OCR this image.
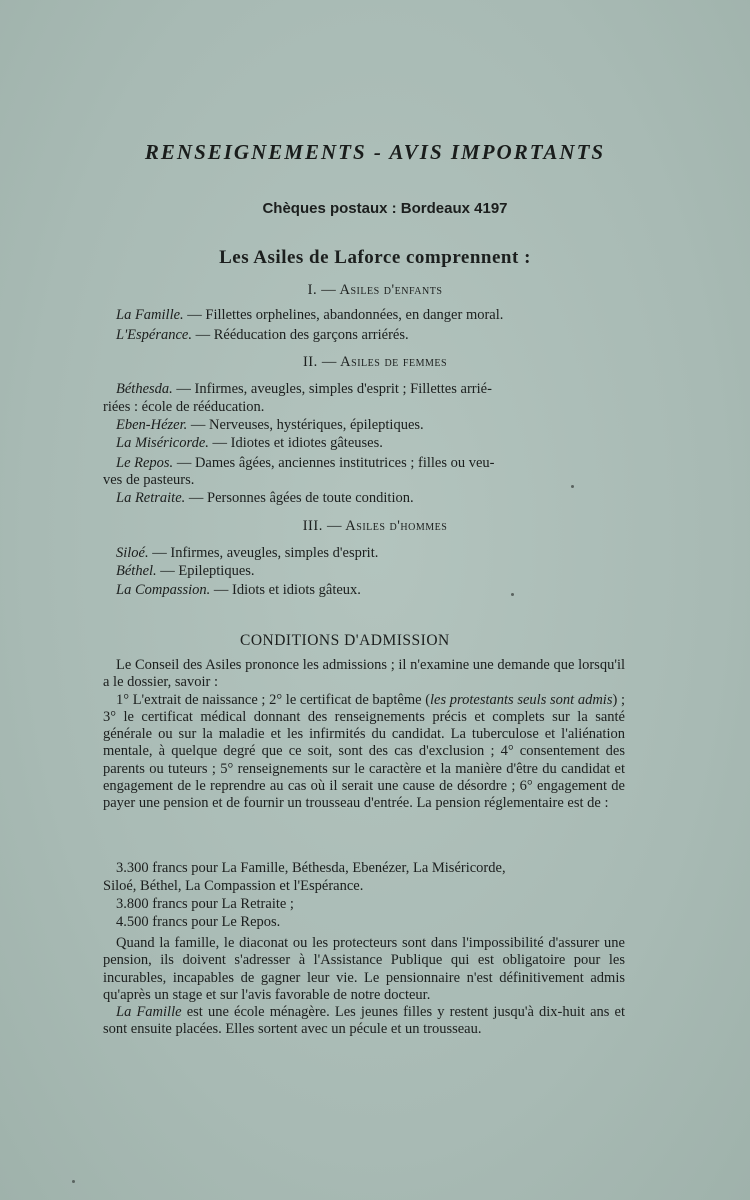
RENSEIGNEMENTS - AVIS IMPORTANTS
Chèques postaux : Bordeaux 4197
Les Asiles de Laforce comprennent :
I. — Asiles d'enfants
La Famille. — Fillettes orphelines, abandonnées, en danger moral.
L'Espérance. — Rééducation des garçons arriérés.
II. — Asiles de femmes
Béthesda. — Infirmes, aveugles, simples d'esprit ; Fillettes arrié-
riées : école de rééducation.
Eben-Hézer. — Nerveuses, hystériques, épileptiques.
La Miséricorde. — Idiotes et idiotes gâteuses.
Le Repos. — Dames âgées, anciennes institutrices ; filles ou veu-
ves de pasteurs.
La Retraite. — Personnes âgées de toute condition.
III. — Asiles d'hommes
Siloé. — Infirmes, aveugles, simples d'esprit.
Béthel. — Epileptiques.
La Compassion. — Idiots et idiots gâteux.
CONDITIONS D'ADMISSION

Le Conseil des Asiles prononce les admissions ; il n'examine une demande que lorsqu'il a le dossier, savoir :

1° L'extrait de naissance ; 2° le certificat de baptême (les protestants seuls sont admis) ; 3° le certificat médical donnant des renseignements précis et complets sur la santé générale ou sur la maladie et les infirmités du candidat. La tuberculose et l'aliénation mentale, à quelque degré que ce soit, sont des cas d'exclusion ; 4° consentement des parents ou tuteurs ; 5° renseignements sur le caractère et la manière d'être du candidat et engagement de le reprendre au cas où il serait une cause de désordre ; 6° engagement de payer une pension et de fournir un trousseau d'entrée. La pension réglementaire est de :

3.300 francs pour La Famille, Béthesda, Ebenézer, La Miséricorde,
Siloé, Béthel, La Compassion et l'Espérance.
3.800 francs pour La Retraite ;
4.500 francs pour Le Repos.

Quand la famille, le diaconat ou les protecteurs sont dans l'impossibilité d'assurer une pension, ils doivent s'adresser à l'Assistance Publique qui est obligatoire pour les incurables, incapables de gagner leur vie. Le pensionnaire n'est définitivement admis qu'après un stage et sur l'avis favorable de notre docteur.

La Famille est une école ménagère. Les jeunes filles y restent jusqu'à dix-huit ans et sont ensuite placées. Elles sortent avec un pécule et un trousseau.
